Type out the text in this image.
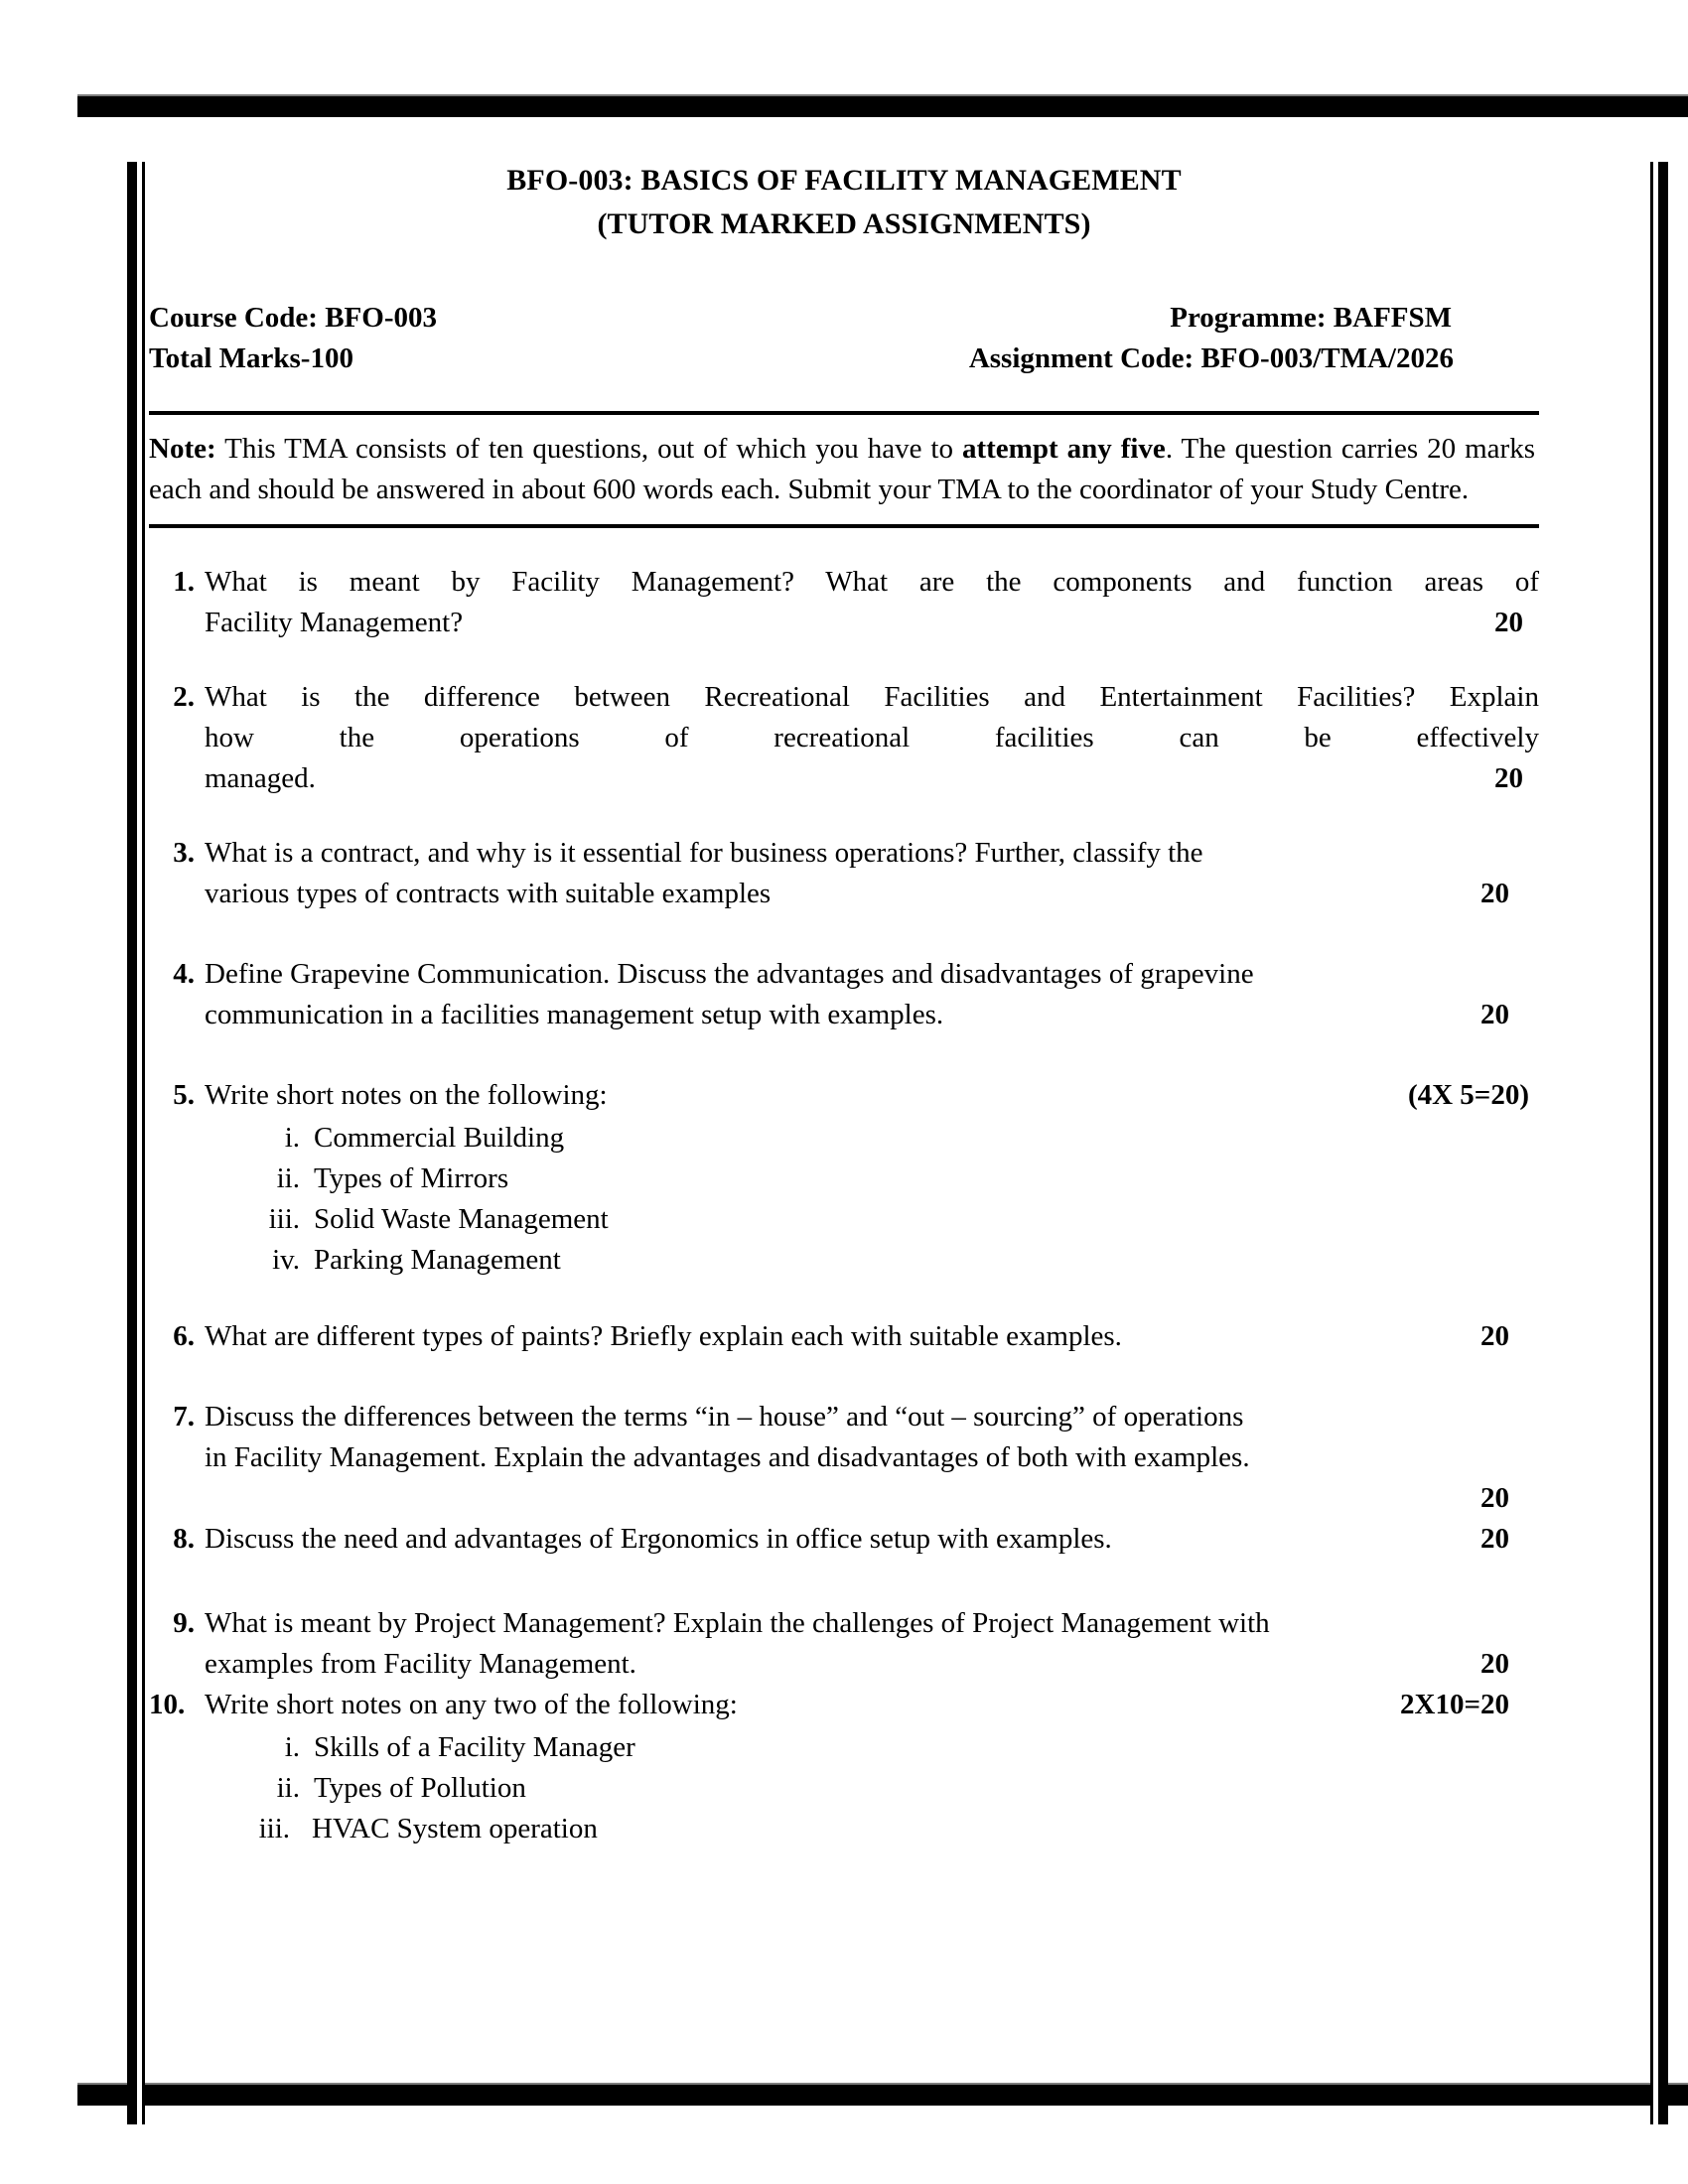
BFO-003: BASICS OF FACILITY MANAGEMENT
(TUTOR MARKED ASSIGNMENTS)
Course Code: BFO-003	Programme: BAFFSM
Total Marks-100	Assignment Code: BFO-003/TMA/2026
Note: This TMA consists of ten questions, out of which you have to attempt any five. The question carries 20 marks each and should be answered in about 600 words each. Submit your TMA to the coordinator of your Study Centre.
1. What is meant by Facility Management? What are the components and function areas of
Facility Management?	20
2. What is the difference between Recreational Facilities and Entertainment Facilities? Explain
how the operations of recreational facilities can be effectively
managed.	20
3. What is a contract, and why is it essential for business operations? Further, classify the
various types of contracts with suitable examples	20
4. Define Grapevine Communication. Discuss the advantages and disadvantages of grapevine
communication in a facilities management setup with examples.	20
5. Write short notes on the following:	(4X 5=20)
i. Commercial Building
ii. Types of Mirrors
iii. Solid Waste Management
iv. Parking Management
6. What are different types of paints? Briefly explain each with suitable examples.	20
7. Discuss the differences between the terms “in – house” and “out – sourcing” of operations
in Facility Management. Explain the advantages and disadvantages of both with examples.
20
8. Discuss the need and advantages of Ergonomics in office setup with examples.	20
9. What is meant by Project Management? Explain the challenges of Project Management with
examples from Facility Management.	20
10. Write short notes on any two of the following:	2X10=20
i. Skills of a Facility Manager
ii. Types of Pollution
iii. HVAC System operation
